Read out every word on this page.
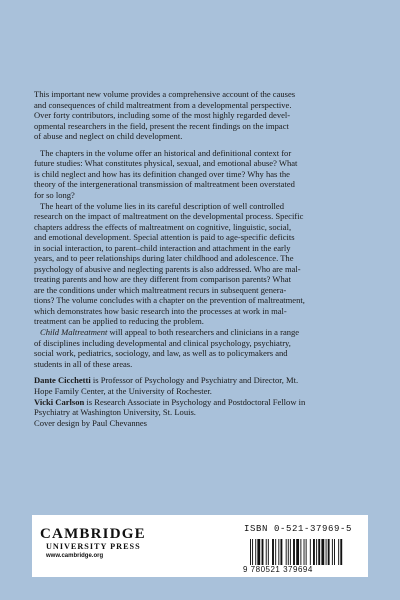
This important new volume provides a comprehensive account of the causes
and consequences of child maltreatment from a developmental perspective.
Over forty contributors, including some of the most highly regarded devel-
opmental researchers in the field, present the recent findings on the impact
of abuse and neglect on child development.

The chapters in the volume offer an historical and definitional context for
future studies: What constitutes physical, sexual, and emotional abuse? What
is child neglect and how has its definition changed over time? Why has the
theory of the intergenerational transmission of maltreatment been overstated
for so long?

The heart of the volume lies in its careful description of well controlled
research on the impact of maltreatment on the developmental process. Specific
chapters address the effects of maltreatment on cognitive, linguistic, social,
and emotional development. Special attention is paid to age-specific deficits
in social interaction, to parent–child interaction and attachment in the early
years, and to peer relationships during later childhood and adolescence. The
psychology of abusive and neglecting parents is also addressed. Who are mal-
treating parents and how are they different from comparison parents? What
are the conditions under which maltreatment recurs in subsequent genera-
tions? The volume concludes with a chapter on the prevention of maltreatment,
which demonstrates how basic research into the processes at work in mal-
treatment can be applied to reducing the problem.

Child Maltreatment will appeal to both researchers and clinicians in a range
of disciplines including developmental and clinical psychology, psychiatry,
social work, pediatrics, sociology, and law, as well as to policymakers and
students in all of these areas.

Dante Cicchetti is Professor of Psychology and Psychiatry and Director, Mt.
Hope Family Center, at the University of Rochester.

Vicki Carlson is Research Associate in Psychology and Postdoctoral Fellow in
Psychiatry at Washington University, St. Louis.

Cover design by Paul Chevannes

CAMBRIDGE
UNIVERSITY PRESS
www.cambridge.org
ISBN 0-521-37969-5
9 780521 379694
